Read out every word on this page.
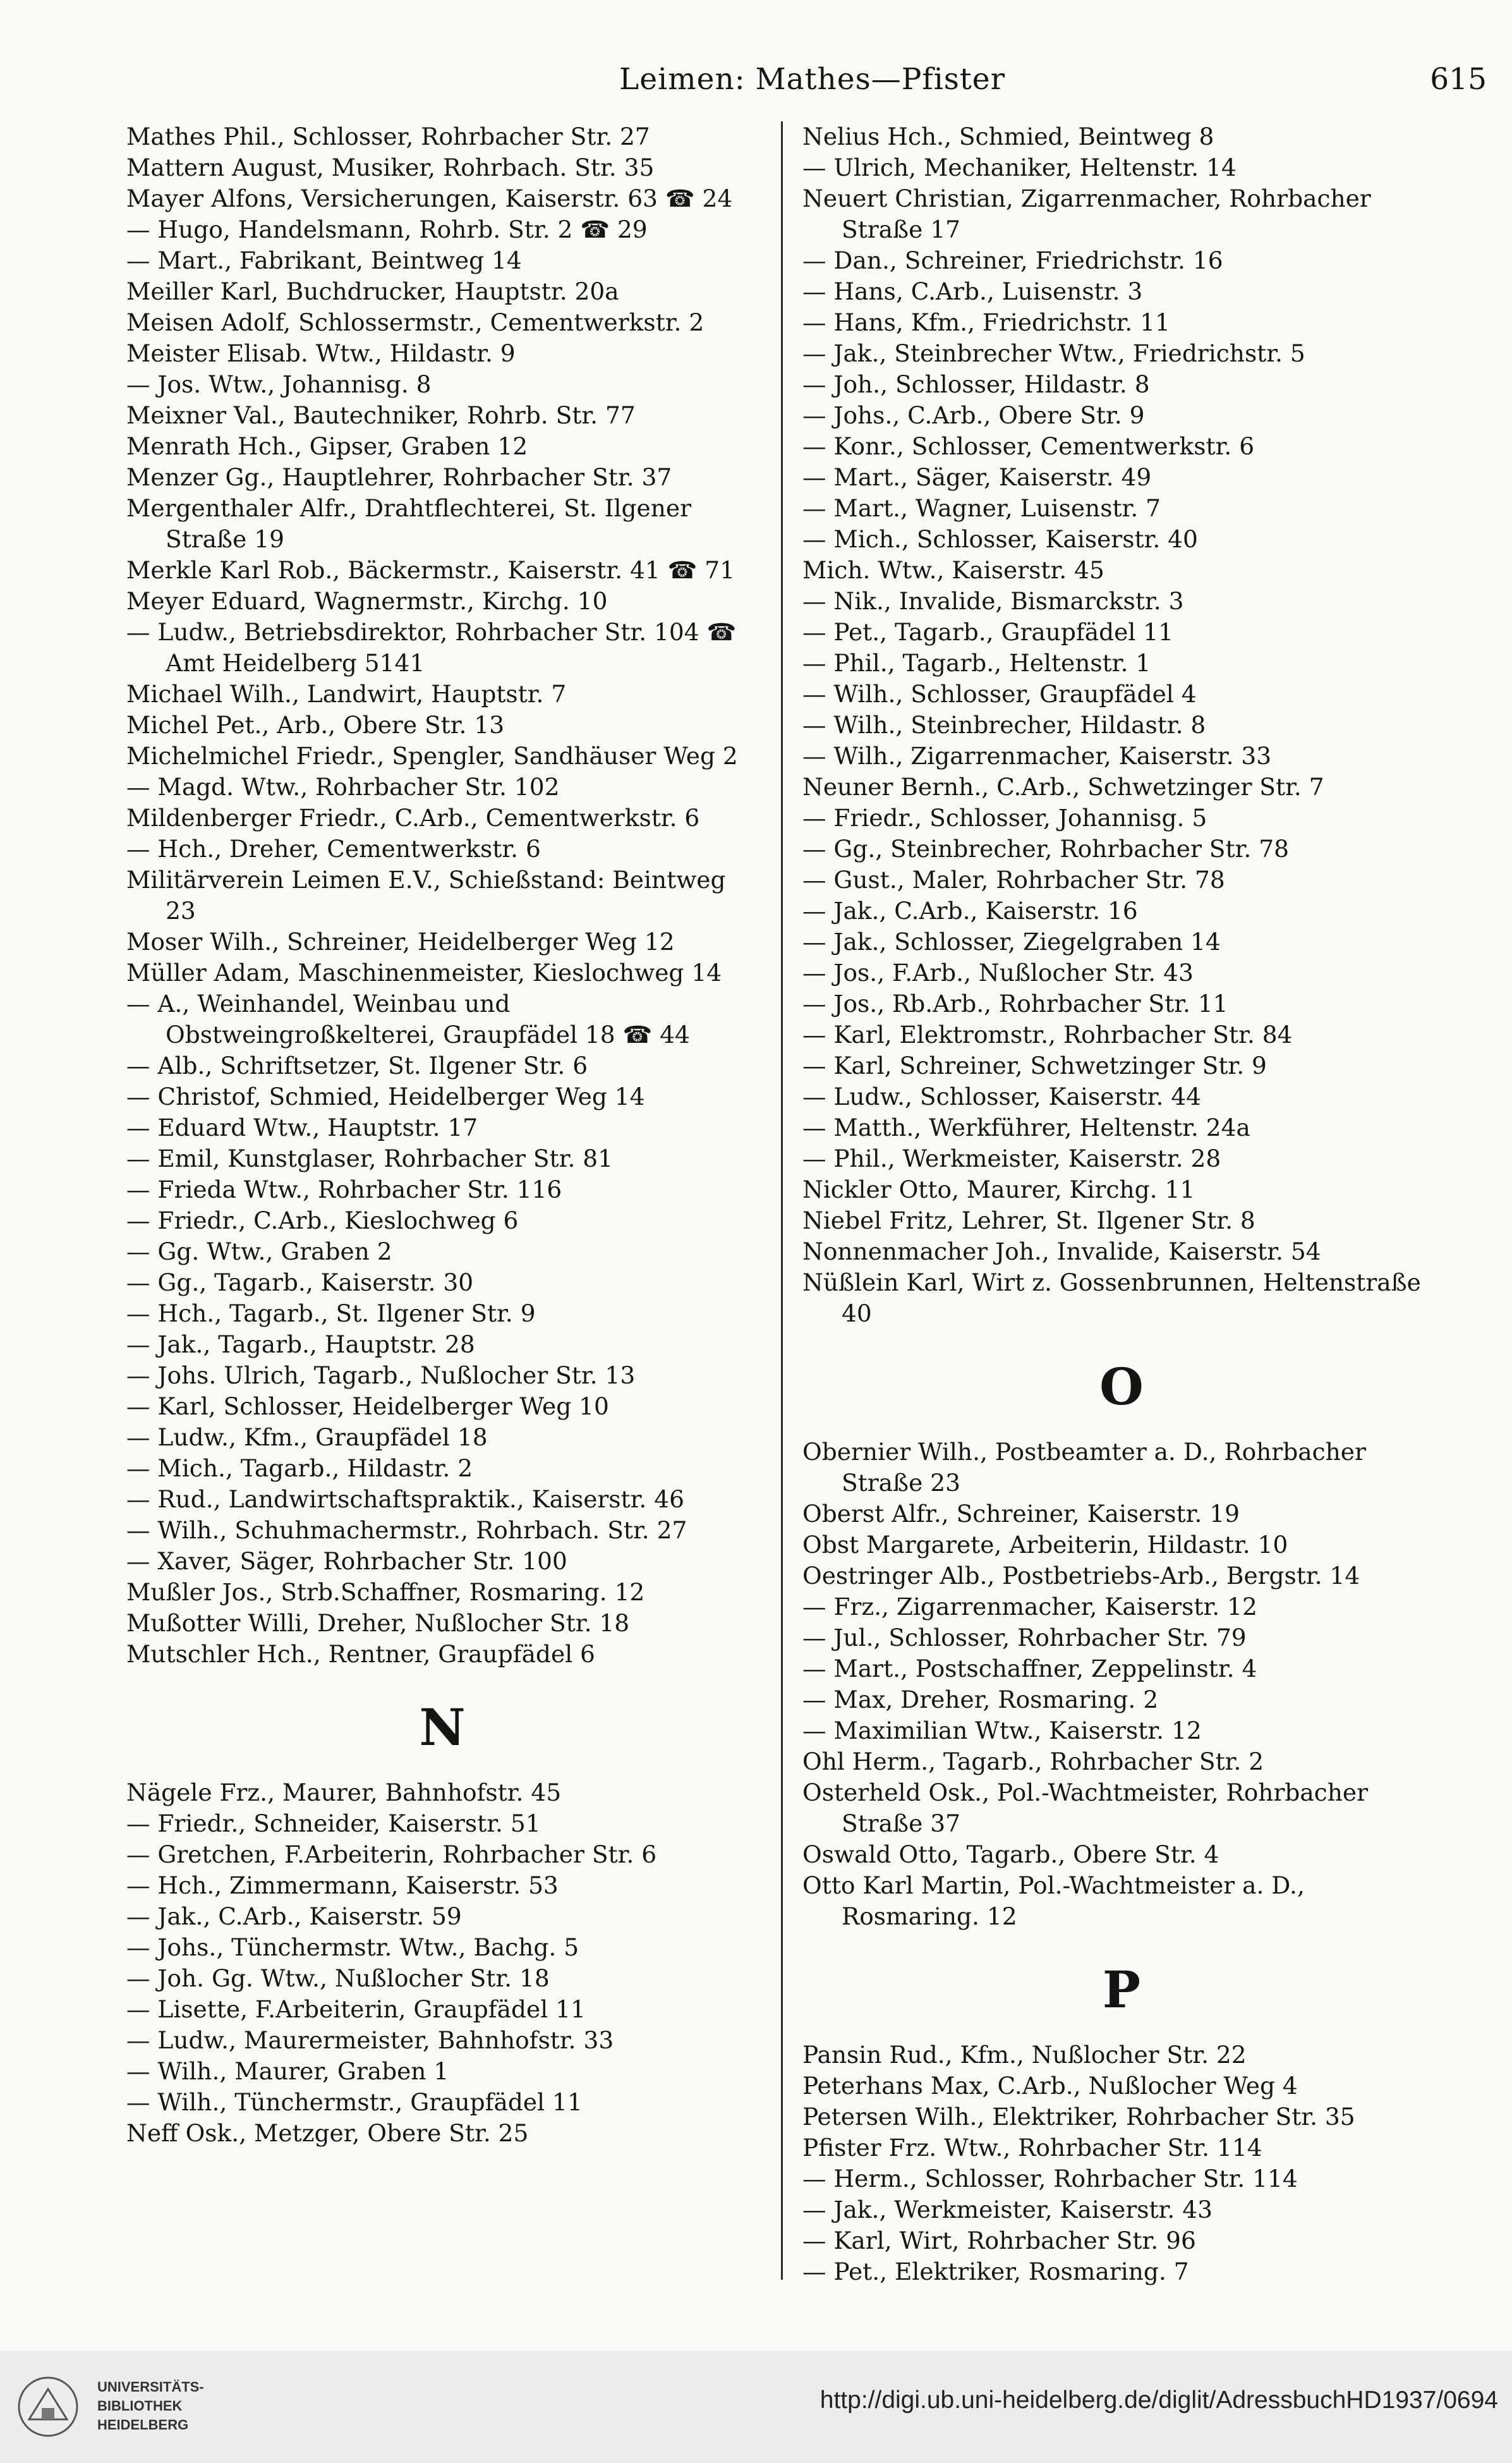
Leimen: Mathes—Pfister	615
Mathes Phil., Schlosser, Rohrbacher Str. 27
Mattern August, Musiker, Rohrbach. Str. 35
Mayer Alfons, Versicherungen, Kaiserstr. 63 ☎ 24
— Hugo, Handelsmann, Rohrb. Str. 2 ☎ 29
— Mart., Fabrikant, Beintweg 14
Meiller Karl, Buchdrucker, Hauptstr. 20a
Meisen Adolf, Schlossermstr., Cementwerkstr. 2
Meister Elisab. Wtw., Hildastr. 9
— Jos. Wtw., Johannisg. 8
Meixner Val., Bautechniker, Rohrb. Str. 77
Menrath Hch., Gipser, Graben 12
Menzer Gg., Hauptlehrer, Rohrbacher Str. 37
Mergenthaler Alfr., Drahtflechterei, St. Ilgener Straße 19
Merkle Karl Rob., Bäckermstr., Kaiserstr. 41 ☎ 71
Meyer Eduard, Wagnermstr., Kirchg. 10
— Ludw., Betriebsdirektor, Rohrbacher Str. 104 ☎ Amt Heidelberg 5141
Michael Wilh., Landwirt, Hauptstr. 7
Michel Pet., Arb., Obere Str. 13
Michelmichel Friedr., Spengler, Sandhäuser Weg 2
— Magd. Wtw., Rohrbacher Str. 102
Mildenberger Friedr., C.Arb., Cementwerkstr. 6
— Hch., Dreher, Cementwerkstr. 6
Militärverein Leimen E.V., Schießstand: Beintweg 23
Moser Wilh., Schreiner, Heidelberger Weg 12
Müller Adam, Maschinenmeister, Kieslochweg 14
— A., Weinhandel, Weinbau und Obstweingroßkelterei, Graupfädel 18 ☎ 44
— Alb., Schriftsetzer, St. Ilgener Str. 6
— Christof, Schmied, Heidelberger Weg 14
— Eduard Wtw., Hauptstr. 17
— Emil, Kunstglaser, Rohrbacher Str. 81
— Frieda Wtw., Rohrbacher Str. 116
— Friedr., C.Arb., Kieslochweg 6
— Gg. Wtw., Graben 2
— Gg., Tagarb., Kaiserstr. 30
— Hch., Tagarb., St. Ilgener Str. 9
— Jak., Tagarb., Hauptstr. 28
— Johs. Ulrich, Tagarb., Nußlocher Str. 13
— Karl, Schlosser, Heidelberger Weg 10
— Ludw., Kfm., Graupfädel 18
— Mich., Tagarb., Hildastr. 2
— Rud., Landwirtschaftspraktik., Kaiserstr. 46
— Wilh., Schuhmachermstr., Rohrbach. Str. 27
— Xaver, Säger, Rohrbacher Str. 100
Mußler Jos., Strb.Schaffner, Rosmaring. 12
Mußotter Willi, Dreher, Nußlocher Str. 18
Mutschler Hch., Rentner, Graupfädel 6
N
Nägele Frz., Maurer, Bahnhofstr. 45
— Friedr., Schneider, Kaiserstr. 51
— Gretchen, F.Arbeiterin, Rohrbacher Str. 6
— Hch., Zimmermann, Kaiserstr. 53
— Jak., C.Arb., Kaiserstr. 59
— Johs., Tünchermstr. Wtw., Bachg. 5
— Joh. Gg. Wtw., Nußlocher Str. 18
— Lisette, F.Arbeiterin, Graupfädel 11
— Ludw., Maurermeister, Bahnhofstr. 33
— Wilh., Maurer, Graben 1
— Wilh., Tünchermstr., Graupfädel 11
Neff Osk., Metzger, Obere Str. 25
Nelius Hch., Schmied, Beintweg 8
— Ulrich, Mechaniker, Heltenstr. 14
Neuert Christian, Zigarrenmacher, Rohrbacher Straße 17
— Dan., Schreiner, Friedrichstr. 16
— Hans, C.Arb., Luisenstr. 3
— Hans, Kfm., Friedrichstr. 11
— Jak., Steinbrecher Wtw., Friedrichstr. 5
— Joh., Schlosser, Hildastr. 8
— Johs., C.Arb., Obere Str. 9
— Konr., Schlosser, Cementwerkstr. 6
— Mart., Säger, Kaiserstr. 49
— Mart., Wagner, Luisenstr. 7
— Mich., Schlosser, Kaiserstr. 40
Mich. Wtw., Kaiserstr. 45
— Nik., Invalide, Bismarckstr. 3
— Pet., Tagarb., Graupfädel 11
— Phil., Tagarb., Heltenstr. 1
— Wilh., Schlosser, Graupfädel 4
— Wilh., Steinbrecher, Hildastr. 8
— Wilh., Zigarrenmacher, Kaiserstr. 33
Neuner Bernh., C.Arb., Schwetzinger Str. 7
— Friedr., Schlosser, Johannisg. 5
— Gg., Steinbrecher, Rohrbacher Str. 78
— Gust., Maler, Rohrbacher Str. 78
— Jak., C.Arb., Kaiserstr. 16
— Jak., Schlosser, Ziegelgraben 14
— Jos., F.Arb., Nußlocher Str. 43
— Jos., Rb.Arb., Rohrbacher Str. 11
— Karl, Elektromstr., Rohrbacher Str. 84
— Karl, Schreiner, Schwetzinger Str. 9
— Ludw., Schlosser, Kaiserstr. 44
— Matth., Werkführer, Heltenstr. 24a
— Phil., Werkmeister, Kaiserstr. 28
Nickler Otto, Maurer, Kirchg. 11
Niebel Fritz, Lehrer, St. Ilgener Str. 8
Nonnenmacher Joh., Invalide, Kaiserstr. 54
Nüßlein Karl, Wirt z. Gossenbrunnen, Heltenstraße 40
O
Obernier Wilh., Postbeamter a. D., Rohrbacher Straße 23
Oberst Alfr., Schreiner, Kaiserstr. 19
Obst Margarete, Arbeiterin, Hildastr. 10
Oestringer Alb., Postbetriebs-Arb., Bergstr. 14
— Frz., Zigarrenmacher, Kaiserstr. 12
— Jul., Schlosser, Rohrbacher Str. 79
— Mart., Postschaffner, Zeppelinstr. 4
— Max, Dreher, Rosmaring. 2
— Maximilian Wtw., Kaiserstr. 12
Ohl Herm., Tagarb., Rohrbacher Str. 2
Osterheld Osk., Pol.-Wachtmeister, Rohrbacher Straße 37
Oswald Otto, Tagarb., Obere Str. 4
Otto Karl Martin, Pol.-Wachtmeister a. D., Rosmaring. 12
P
Pansin Rud., Kfm., Nußlocher Str. 22
Peterhans Max, C.Arb., Nußlocher Weg 4
Petersen Wilh., Elektriker, Rohrbacher Str. 35
Pfister Frz. Wtw., Rohrbacher Str. 114
— Herm., Schlosser, Rohrbacher Str. 114
— Jak., Werkmeister, Kaiserstr. 43
— Karl, Wirt, Rohrbacher Str. 96
— Pet., Elektriker, Rosmaring. 7
UNIVERSITÄTS-
BIBLIOTHEK
HEIDELBERG
http://digi.ub.uni-heidelberg.de/diglit/AdressbuchHD1937/0694
